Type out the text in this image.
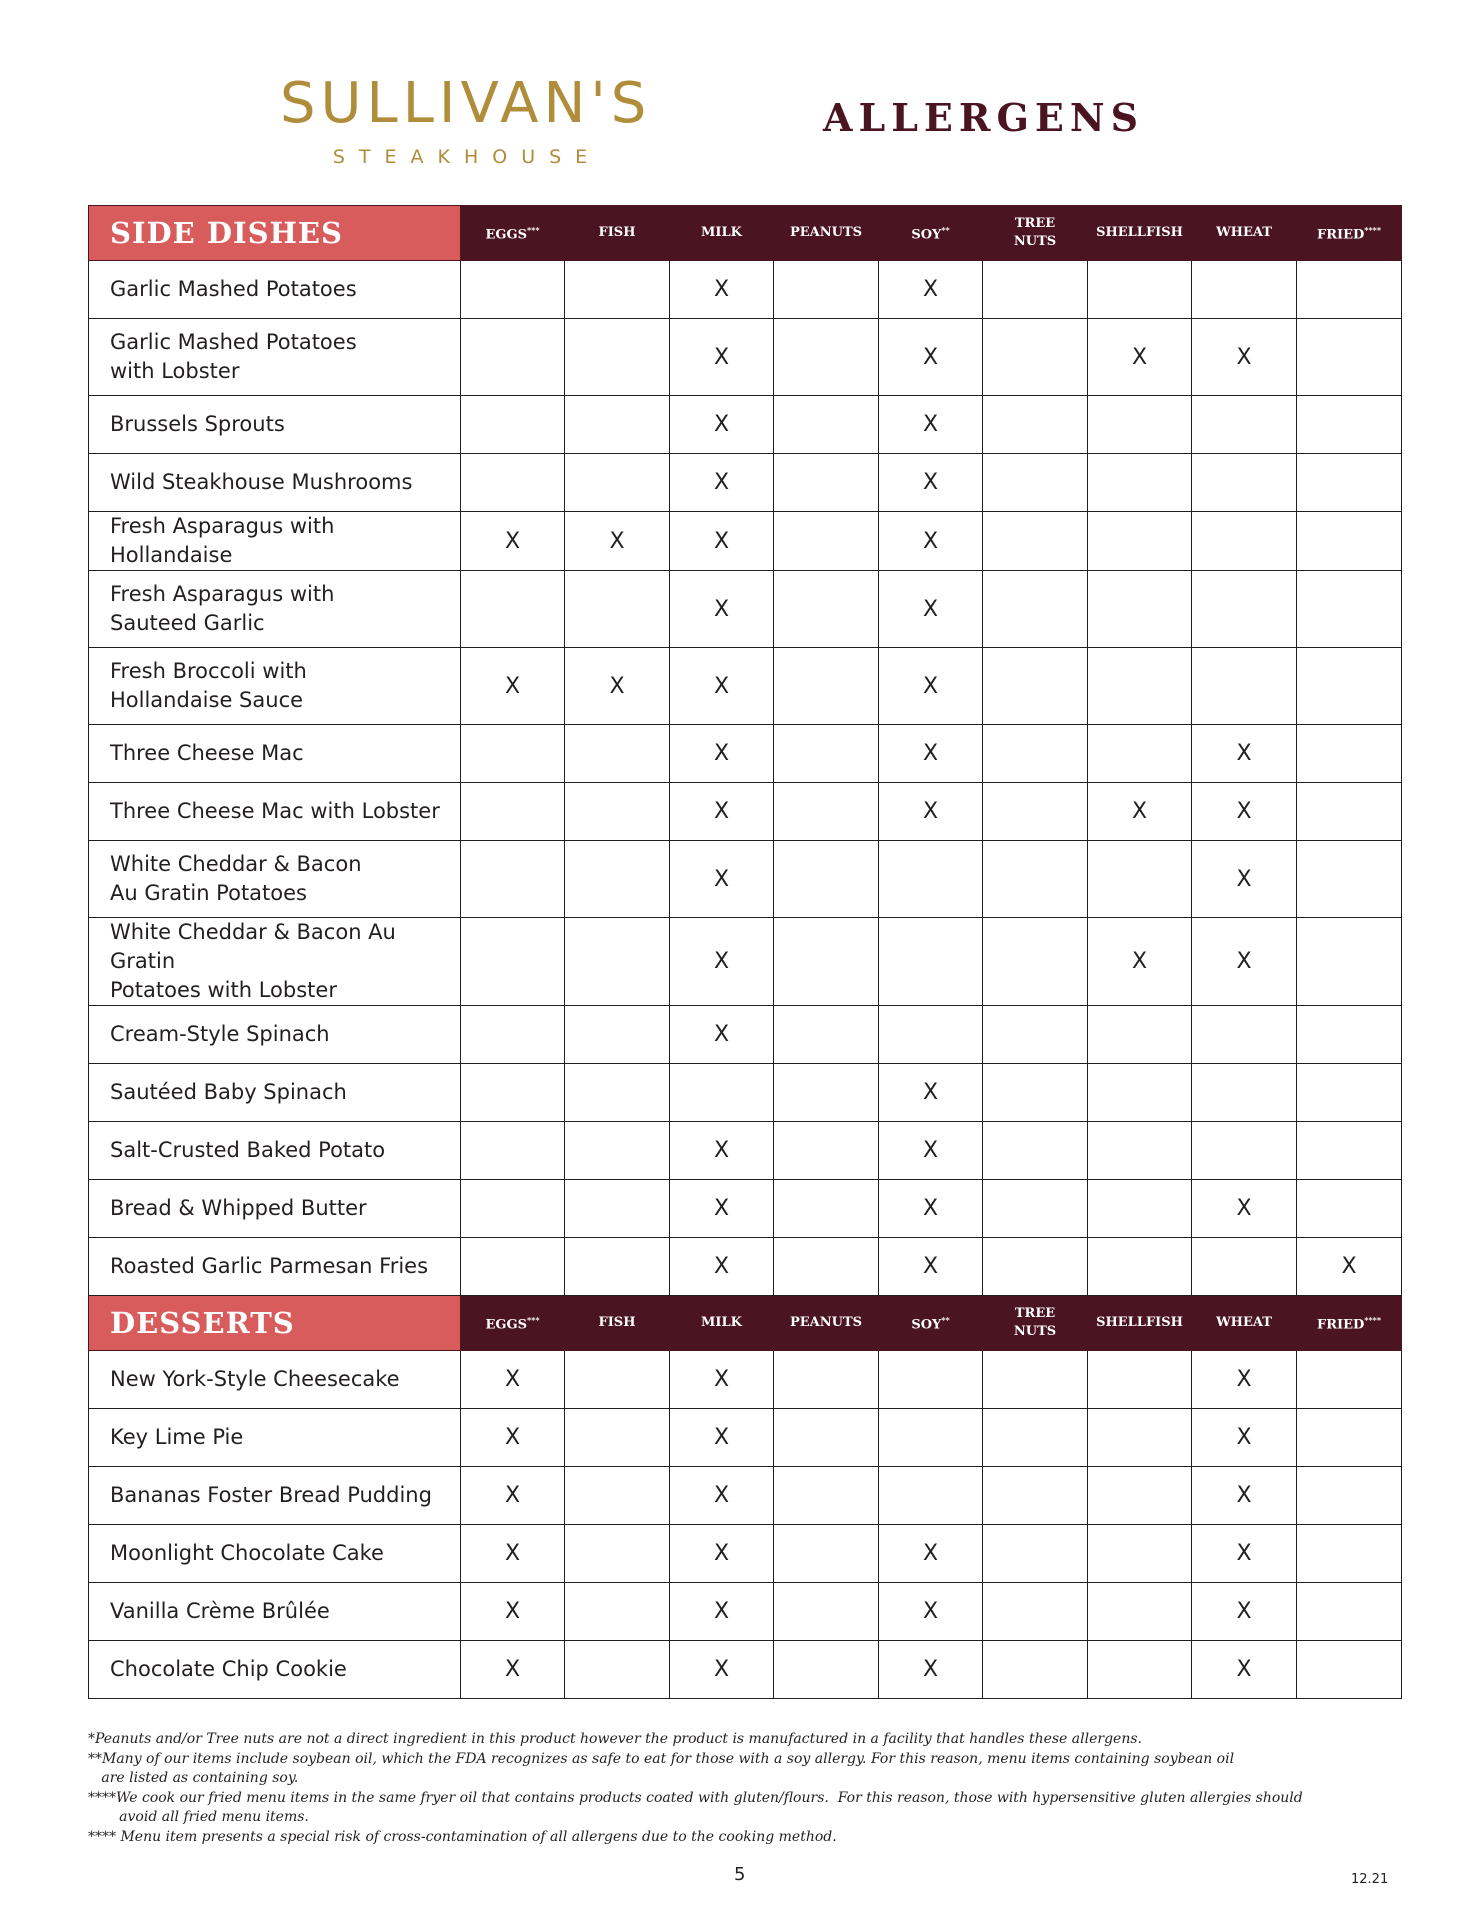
SULLIVAN'S
STEAKHOUSE
ALLERGENS
SIDE DISHES	EGGS***	FISH	MILK	PEANUTS	SOY**	TREE
NUTS	SHELLFISH	WHEAT	FRIED****
Garlic Mashed Potatoes			X		X				
Garlic Mashed Potatoes
with Lobster			X		X		X	X	
Brussels Sprouts			X		X				
Wild Steakhouse Mushrooms			X		X				
Fresh Asparagus with Hollandaise	X	X	X		X				
Fresh Asparagus with
Sauteed Garlic			X		X				
Fresh Broccoli with
Hollandaise Sauce	X	X	X		X				
Three Cheese Mac			X		X			X	
Three Cheese Mac with Lobster			X		X		X	X	
White Cheddar & Bacon
Au Gratin Potatoes			X					X	
White Cheddar & Bacon Au Gratin
Potatoes with Lobster			X				X	X	
Cream-Style Spinach			X						
Sautéed Baby Spinach					X				
Salt-Crusted Baked Potato			X		X				
Bread & Whipped Butter			X		X			X	
Roasted Garlic Parmesan Fries			X		X				X
DESSERTS	EGGS***	FISH	MILK	PEANUTS	SOY**	TREE
NUTS	SHELLFISH	WHEAT	FRIED****
New York-Style Cheesecake	X		X					X	
Key Lime Pie	X		X					X	
Bananas Foster Bread Pudding	X		X					X	
Moonlight Chocolate Cake	X		X		X			X	
Vanilla Crème Brûlée	X		X		X			X	
Chocolate Chip Cookie	X		X		X			X	
*Peanuts and/or Tree nuts are not a direct ingredient in this product however the product is manufactured in a facility that handles these allergens.
**Many of our items include soybean oil, which the FDA recognizes as safe to eat for those with a soy allergy. For this reason, menu items containing soybean oil
are listed as containing soy.
****We cook our fried menu items in the same fryer oil that contains products coated with gluten/flours.  For this reason, those with hypersensitive gluten allergies should
avoid all fried menu items.
**** Menu item presents a special risk of cross-contamination of all allergens due to the cooking method.
5	12.21
